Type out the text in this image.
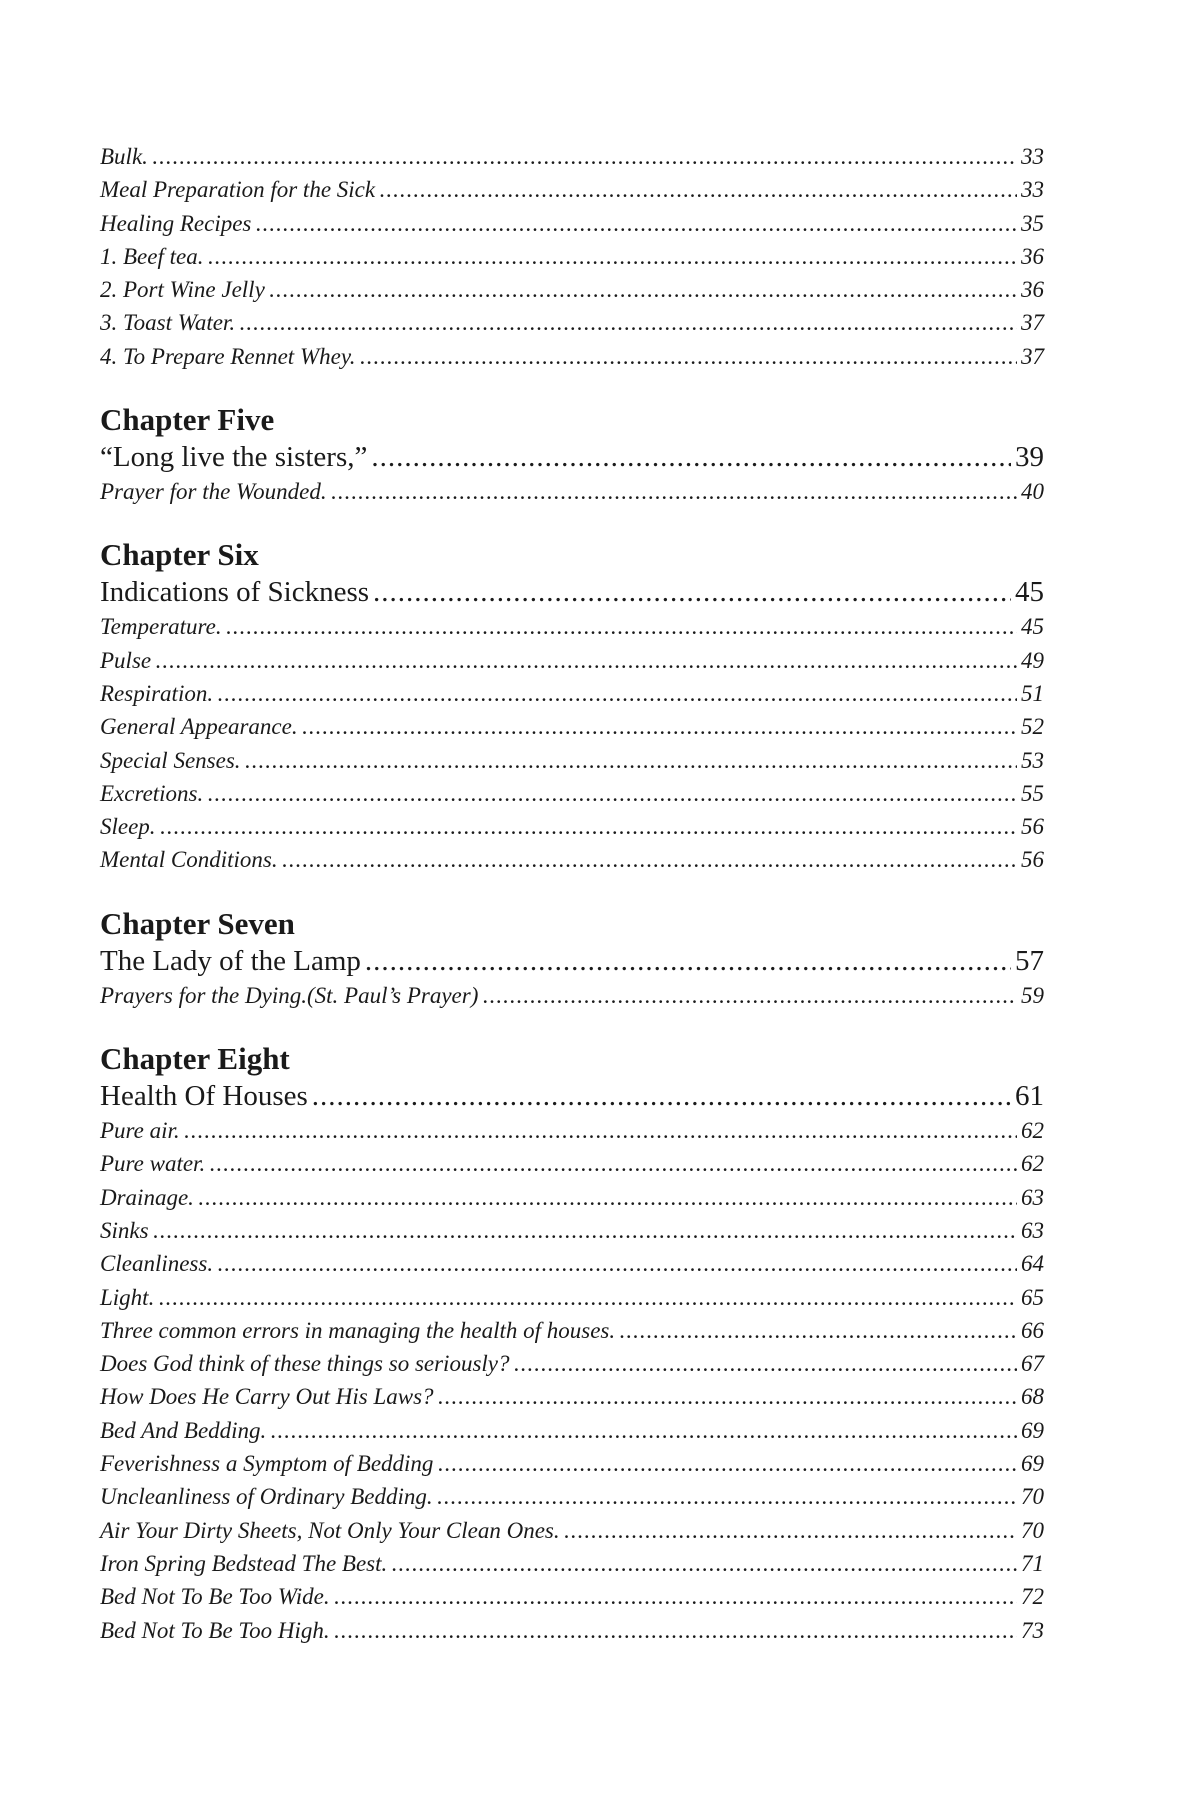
Bulk. .....	33
Meal Preparation for the Sick .....	33
Healing Recipes .....	35
1. Beef tea. .....	36
2. Port Wine Jelly .....	36
3. Toast Water. .....	37
4. To Prepare Rennet Whey. .....	37
Chapter Five
“Long live the sisters,” .....	39
Prayer for the Wounded. .....	40
Chapter Six
Indications of Sickness .....	45
Temperature. .....	45
Pulse .....	49
Respiration. .....	51
General Appearance. .....	52
Special Senses. .....	53
Excretions. .....	55
Sleep. .....	56
Mental Conditions. .....	56
Chapter Seven
The Lady of the Lamp .....	57
Prayers for the Dying.(St. Paul’s Prayer) .....	59
Chapter Eight
Health Of Houses .....	61
Pure air. .....	62
Pure water. .....	62
Drainage. .....	63
Sinks .....	63
Cleanliness. .....	64
Light. .....	65
Three common errors in managing the health of houses. .....	66
Does God think of these things so seriously? .....	67
How Does He Carry Out His Laws? .....	68
Bed And Bedding. .....	69
Feverishness a Symptom of Bedding .....	69
Uncleanliness of Ordinary Bedding. .....	70
Air Your Dirty Sheets, Not Only Your Clean Ones. .....	70
Iron Spring Bedstead The Best. .....	71
Bed Not To Be Too Wide. .....	72
Bed Not To Be Too High. .....	73
